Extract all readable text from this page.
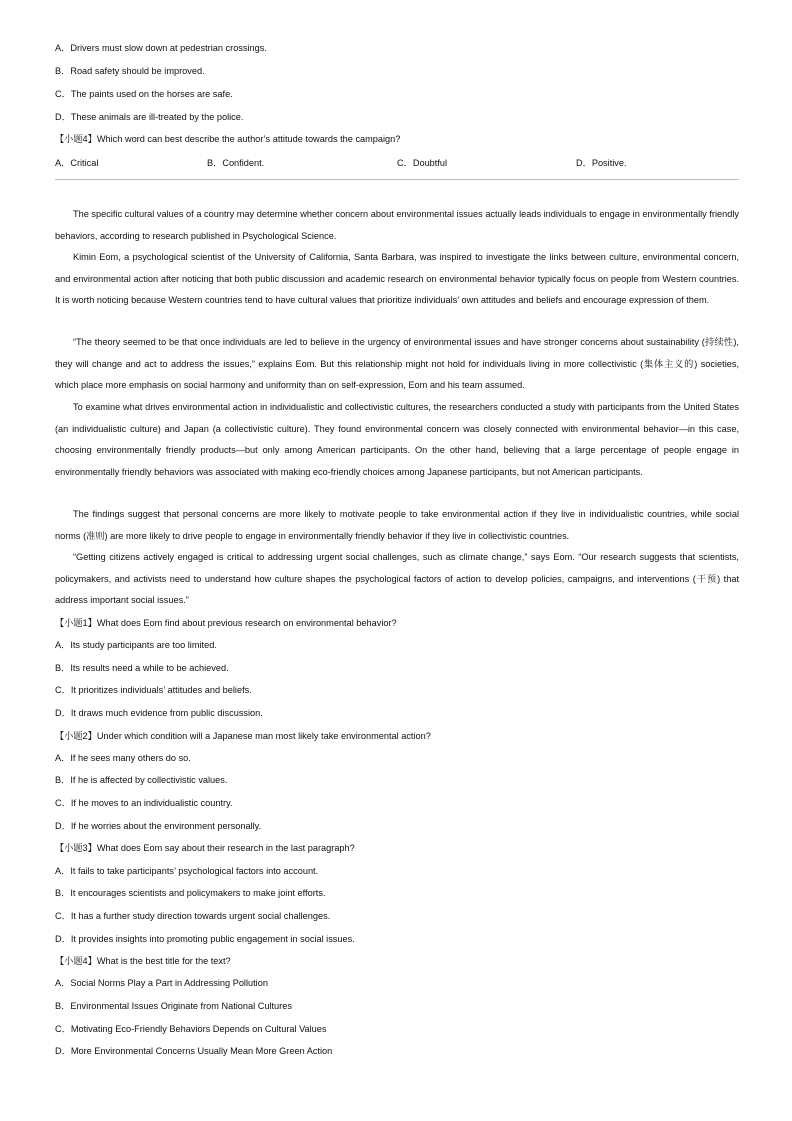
A．Drivers must slow down at pedestrian crossings.
B．Road safety should be improved.
C．The paints used on the horses are safe.
D．These animals are ill-treated by the police.
【小题4】Which word can best describe the author’s attitude towards the campaign?
A．Critical	B．Confident.	C．Doubtful	D．Positive.

The specific cultural values of a country may determine whether concern about environmental issues actually leads individuals to engage in environmentally friendly behaviors, according to research published in Psychological Science.

Kimin Eom, a psychological scientist of the University of California, Santa Barbara, was inspired to investigate the links between culture, environmental concern, and environmental action after noticing that both public discussion and academic research on environmental behavior typically focus on people from Western countries. It is worth noticing because Western countries tend to have cultural values that prioritize individuals’ own attitudes and beliefs and encourage expression of them.

“The theory seemed to be that once individuals are led to believe in the urgency of environmental issues and have stronger concerns about sustainability (持续性), they will change and act to address the issues,” explains Eom. But this relationship might not hold for individuals living in more collectivistic (集体主义的) societies, which place more emphasis on social harmony and uniformity than on self-expression, Eom and his team assumed.

To examine what drives environmental action in individualistic and collectivistic cultures, the researchers conducted a study with participants from the United States (an individualistic culture) and Japan (a collectivistic culture). They found environmental concern was closely connected with environmental behavior—in this case, choosing environmentally friendly products—but only among American participants. On the other hand, believing that a large percentage of people engage in environmentally friendly behaviors was associated with making eco-friendly choices among Japanese participants, but not American participants.

The findings suggest that personal concerns are more likely to motivate people to take environmental action if they live in individualistic countries, while social norms (准则) are more likely to drive people to engage in environmentally friendly behavior if they live in collectivistic countries.

“Getting citizens actively engaged is critical to addressing urgent social challenges, such as climate change,” says Eom. “Our research suggests that scientists, policymakers, and activists need to understand how culture shapes the psychological factors of action to develop policies, campaigns, and interventions (干预) that address important social issues.”

【小题1】What does Eom find about previous research on environmental behavior?
A．Its study participants are too limited.
B．Its results need a while to be achieved.
C．It prioritizes individuals’ attitudes and beliefs.
D．It draws much evidence from public discussion.
【小题2】Under which condition will a Japanese man most likely take environmental action?
A．If he sees many others do so.
B．If he is affected by collectivistic values.
C．If he moves to an individualistic country.
D．If he worries about the environment personally.
【小题3】What does Eom say about their research in the last paragraph?
A．It fails to take participants’ psychological factors into account.
B．It encourages scientists and policymakers to make joint efforts.
C．It has a further study direction towards urgent social challenges.
D．It provides insights into promoting public engagement in social issues.
【小题4】What is the best title for the text?
A．Social Norms Play a Part in Addressing Pollution
B．Environmental Issues Originate from National Cultures
C．Motivating Eco-Friendly Behaviors Depends on Cultural Values
D．More Environmental Concerns Usually Mean More Green Action
